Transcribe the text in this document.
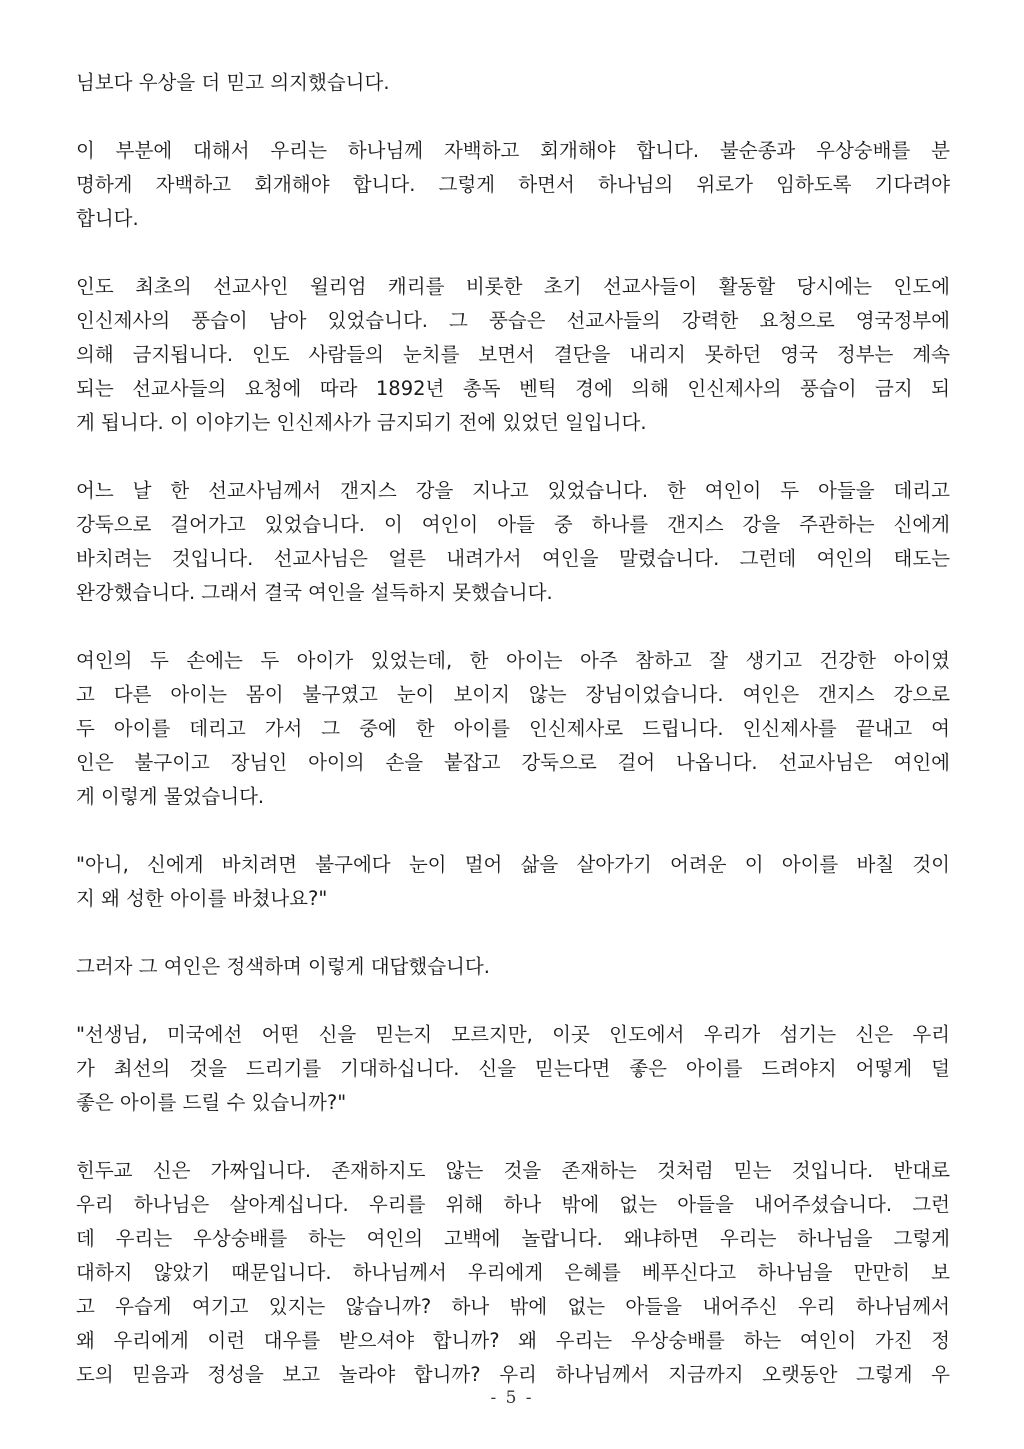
님보다 우상을 더 믿고 의지했습니다.
이 부분에 대해서 우리는 하나님께 자백하고 회개해야 합니다. 불순종과 우상숭배를 분
명하게 자백하고 회개해야 합니다. 그렇게 하면서 하나님의 위로가 임하도록 기다려야
합니다.
인도 최초의 선교사인 윌리엄 캐리를 비롯한 초기 선교사들이 활동할 당시에는 인도에
인신제사의 풍습이 남아 있었습니다. 그 풍습은 선교사들의 강력한 요청으로 영국정부에
의해 금지됩니다. 인도 사람들의 눈치를 보면서 결단을 내리지 못하던 영국 정부는 계속
되는 선교사들의 요청에 따라 1892년 총독 벤틱 경에 의해 인신제사의 풍습이 금지 되
게 됩니다. 이 이야기는 인신제사가 금지되기 전에 있었던 일입니다.
어느 날 한 선교사님께서 갠지스 강을 지나고 있었습니다. 한 여인이 두 아들을 데리고
강둑으로 걸어가고 있었습니다. 이 여인이 아들 중 하나를 갠지스 강을 주관하는 신에게
바치려는 것입니다. 선교사님은 얼른 내려가서 여인을 말렸습니다. 그런데 여인의 태도는
완강했습니다. 그래서 결국 여인을 설득하지 못했습니다.
여인의 두 손에는 두 아이가 있었는데, 한 아이는 아주 참하고 잘 생기고 건강한 아이였
고 다른 아이는 몸이 불구였고 눈이 보이지 않는 장님이었습니다. 여인은 갠지스 강으로
두 아이를 데리고 가서 그 중에 한 아이를 인신제사로 드립니다. 인신제사를 끝내고 여
인은 불구이고 장님인 아이의 손을 붙잡고 강둑으로 걸어 나옵니다. 선교사님은 여인에
게 이렇게 물었습니다.
"아니, 신에게 바치려면 불구에다 눈이 멀어 삶을 살아가기 어려운 이 아이를 바칠 것이
지 왜 성한 아이를 바쳤나요?"
그러자 그 여인은 정색하며 이렇게 대답했습니다.
"선생님, 미국에선 어떤 신을 믿는지 모르지만, 이곳 인도에서 우리가 섬기는 신은 우리
가 최선의 것을 드리기를 기대하십니다. 신을 믿는다면 좋은 아이를 드려야지 어떻게 덜
좋은 아이를 드릴 수 있습니까?"
힌두교 신은 가짜입니다. 존재하지도 않는 것을 존재하는 것처럼 믿는 것입니다. 반대로
우리 하나님은 살아계십니다. 우리를 위해 하나 밖에 없는 아들을 내어주셨습니다. 그런
데 우리는 우상숭배를 하는 여인의 고백에 놀랍니다. 왜냐하면 우리는 하나님을 그렇게
대하지 않았기 때문입니다. 하나님께서 우리에게 은혜를 베푸신다고 하나님을 만만히 보
고 우습게 여기고 있지는 않습니까? 하나 밖에 없는 아들을 내어주신 우리 하나님께서
왜 우리에게 이런 대우를 받으셔야 합니까? 왜 우리는 우상숭배를 하는 여인이 가진 정
도의 믿음과 정성을 보고 놀라야 합니까? 우리 하나님께서 지금까지 오랫동안 그렇게 우
- 5 -
